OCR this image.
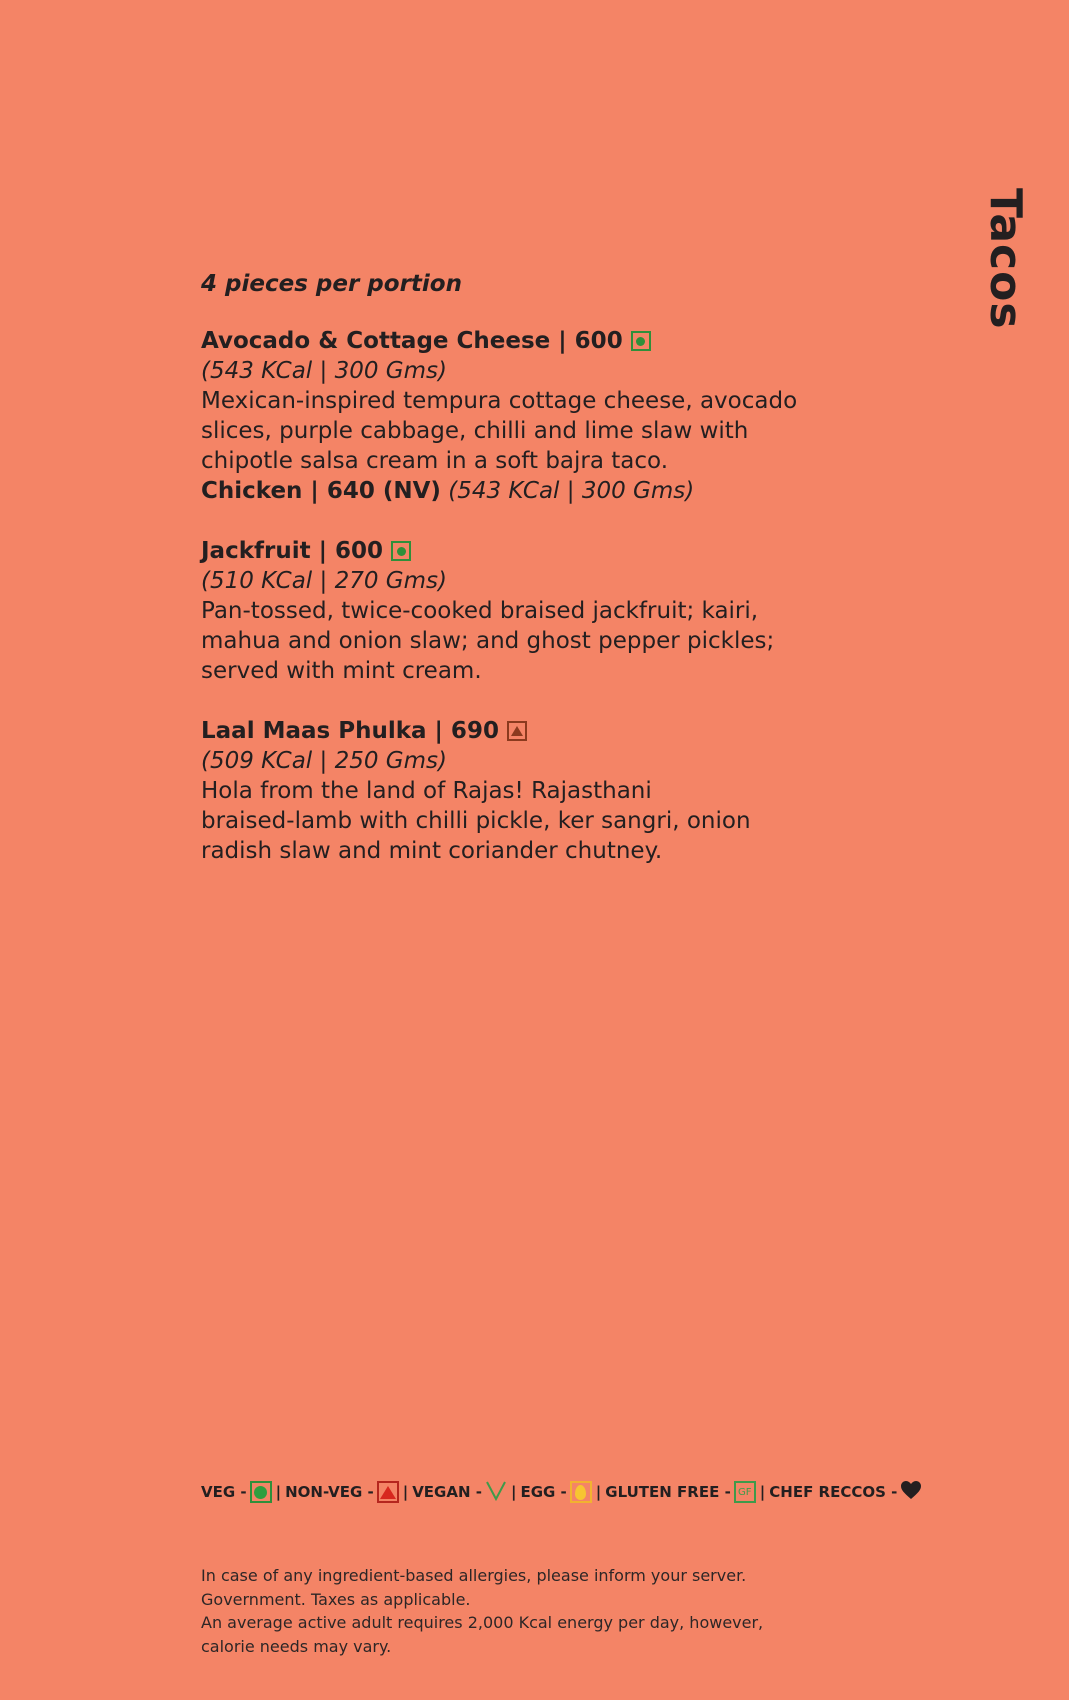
Tacos
4 pieces per portion
Avocado & Cottage Cheese | 600
(543 KCal | 300 Gms)
Mexican-inspired tempura cottage cheese, avocado
slices, purple cabbage, chilli and lime slaw with
chipotle salsa cream in a soft bajra taco.
Chicken | 640 (NV) (543 KCal | 300 Gms)
Jackfruit | 600
(510 KCal | 270 Gms)
Pan-tossed, twice-cooked braised jackfruit; kairi,
mahua and onion slaw; and ghost pepper pickles;
served with mint cream.
Laal Maas Phulka | 690
(509 KCal | 250 Gms)
Hola from the land of Rajas! Rajasthani
braised-lamb with chilli pickle, ker sangri, onion
radish slaw and mint coriander chutney.
VEG - | NON-VEG - | VEGAN - | EGG - | GLUTEN FREE - GF | CHEF RECCOS -
In case of any ingredient-based allergies, please inform your server.
Government. Taxes as applicable.
An average active adult requires 2,000 Kcal energy per day, however,
calorie needs may vary.
